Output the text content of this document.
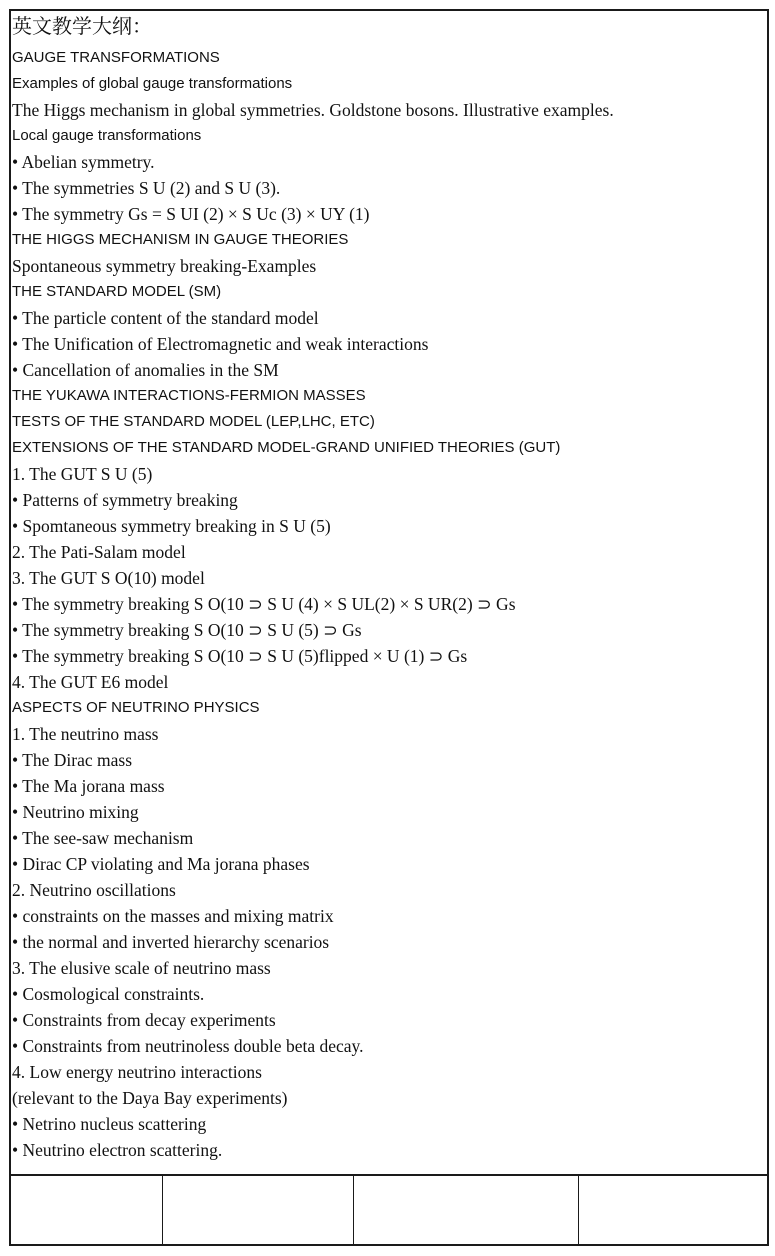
英文教学大纲：
GAUGE TRANSFORMATIONS
Examples of global gauge transformations
The Higgs mechanism in global symmetries. Goldstone bosons. Illustrative examples.
Local gauge transformations
• Abelian symmetry.
• The symmetries S U (2) and S U (3).
• The symmetry Gs = S UI (2) × S Uc (3) × UY (1)
THE HIGGS MECHANISM IN GAUGE THEORIES
Spontaneous symmetry breaking-Examples
THE STANDARD MODEL (SM)
• The particle content of the standard model
• The Unification of Electromagnetic and weak interactions
• Cancellation of anomalies in the SM
THE YUKAWA INTERACTIONS-FERMION MASSES
TESTS OF THE STANDARD MODEL (LEP,LHC, ETC)
EXTENSIONS OF THE STANDARD MODEL-GRAND UNIFIED THEORIES (GUT)
1. The GUT S U (5)
• Patterns of symmetry breaking
• Spomtaneous symmetry breaking in S U (5)
2. The Pati-Salam model
3. The GUT S O(10) model
• The symmetry breaking S O(10 ⊃ S U (4) × S UL(2) × S UR(2) ⊃ Gs
• The symmetry breaking S O(10 ⊃ S U (5) ⊃ Gs
• The symmetry breaking S O(10 ⊃ S U (5)flipped × U (1) ⊃ Gs
4. The GUT E6 model
ASPECTS OF NEUTRINO PHYSICS
1. The neutrino mass
• The Dirac mass
• The Ma jorana mass
• Neutrino mixing
• The see-saw mechanism
• Dirac CP violating and Ma jorana phases
2. Neutrino oscillations
• constraints on the masses and mixing matrix
• the normal and inverted hierarchy scenarios
3. The elusive scale of neutrino mass
• Cosmological constraints.
• Constraints from decay experiments
• Constraints from neutrinoless double beta decay.
4. Low energy neutrino interactions
(relevant to the Daya Bay experiments)
• Netrino nucleus scattering
• Neutrino electron scattering.
